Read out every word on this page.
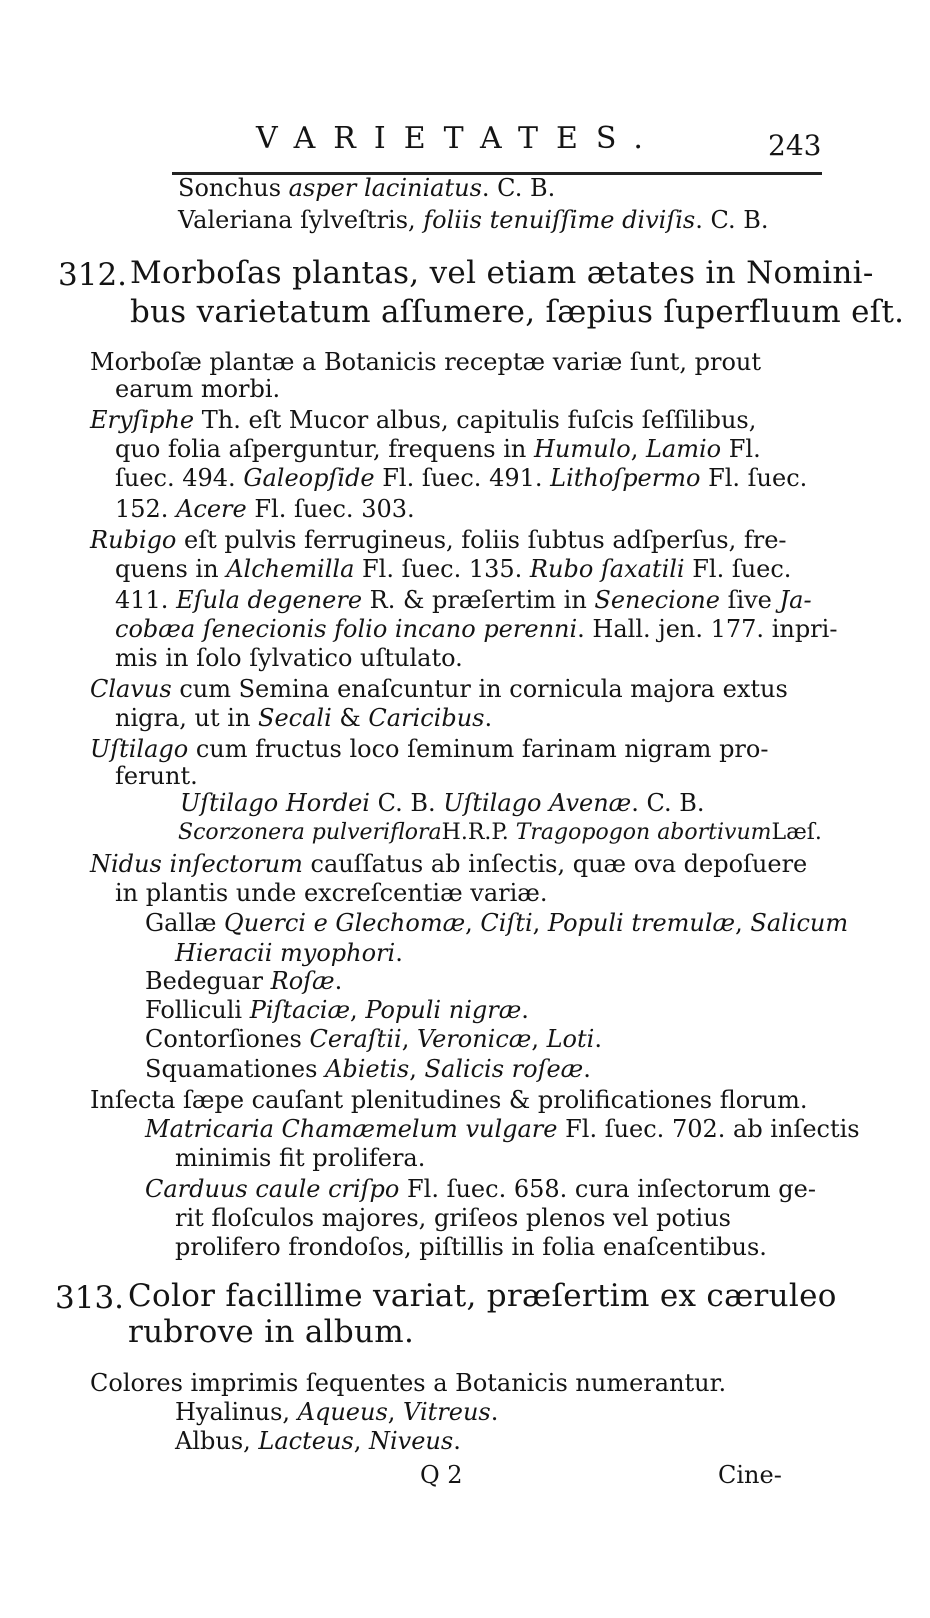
VARIETATES.	243
Sonchus asper laciniatus. C. B.
Valeriana ſylveſtris, foliis tenuiſſime diviſis. C. B.
Morboſas plantas, vel etiam ætates in Nomini-
bus varietatum aſſumere, ſæpius ſuperfluum eſt.
Morboſæ plantæ a Botanicis receptæ variæ ſunt, prout
earum morbi.
Eryſiphe Th. eſt Mucor albus, capitulis fuſcis ſeſſilibus,
quo folia aſperguntur, frequens in Humulo, Lamio Fl.
ſuec. 494. Galeopſide Fl. ſuec. 491. Lithoſpermo Fl. ſuec.
152. Acere Fl. ſuec. 303.
Rubigo eſt pulvis ferrugineus, foliis ſubtus adſperſus, fre-
quens in Alchemilla Fl. ſuec. 135. Rubo ſaxatili Fl. ſuec.
411. Eſula degenere R. & præſertim in Senecione ſive Ja-
cobæa ſenecionis folio incano perenni. Hall. jen. 177. inpri-
mis in ſolo ſylvatico uſtulato.
Clavus cum Semina enaſcuntur in cornicula majora extus
nigra, ut in Secali & Caricibus.
Uſtilago cum fructus loco ſeminum farinam nigram pro-
ferunt.
Uſtilago Hordei C. B. Uſtilago Avenæ. C. B.
Scorzonera pulverifloraH.R.P. Tragopogon abortivumLæſ.
Nidus inſectorum cauſſatus ab inſectis, quæ ova depoſuere
in plantis unde excreſcentiæ variæ.
Gallæ Querci e Glechomæ, Ciſti, Populi tremulæ, Salicum
Hieracii myophori.
Bedeguar Roſæ.
Folliculi Piſtaciæ, Populi nigræ.
Contorſiones Ceraſtii, Veronicæ, Loti.
Squamationes Abietis, Salicis roſeæ.
Inſecta ſæpe cauſant plenitudines & prolificationes florum.
Matricaria Chamæmelum vulgare Fl. ſuec. 702. ab inſectis
minimis fit prolifera.
Carduus caule criſpo Fl. ſuec. 658. cura inſectorum ge-
rit floſculos majores, griſeos plenos vel potius
prolifero frondoſos, piſtillis in folia enaſcentibus.
Color facillime variat, præſertim ex cæruleo
rubrove in album.
Colores imprimis ſequentes a Botanicis numerantur.
Hyalinus, Aqueus, Vitreus.
Albus, Lacteus, Niveus.
312.
313.
Q 2	Cine-
